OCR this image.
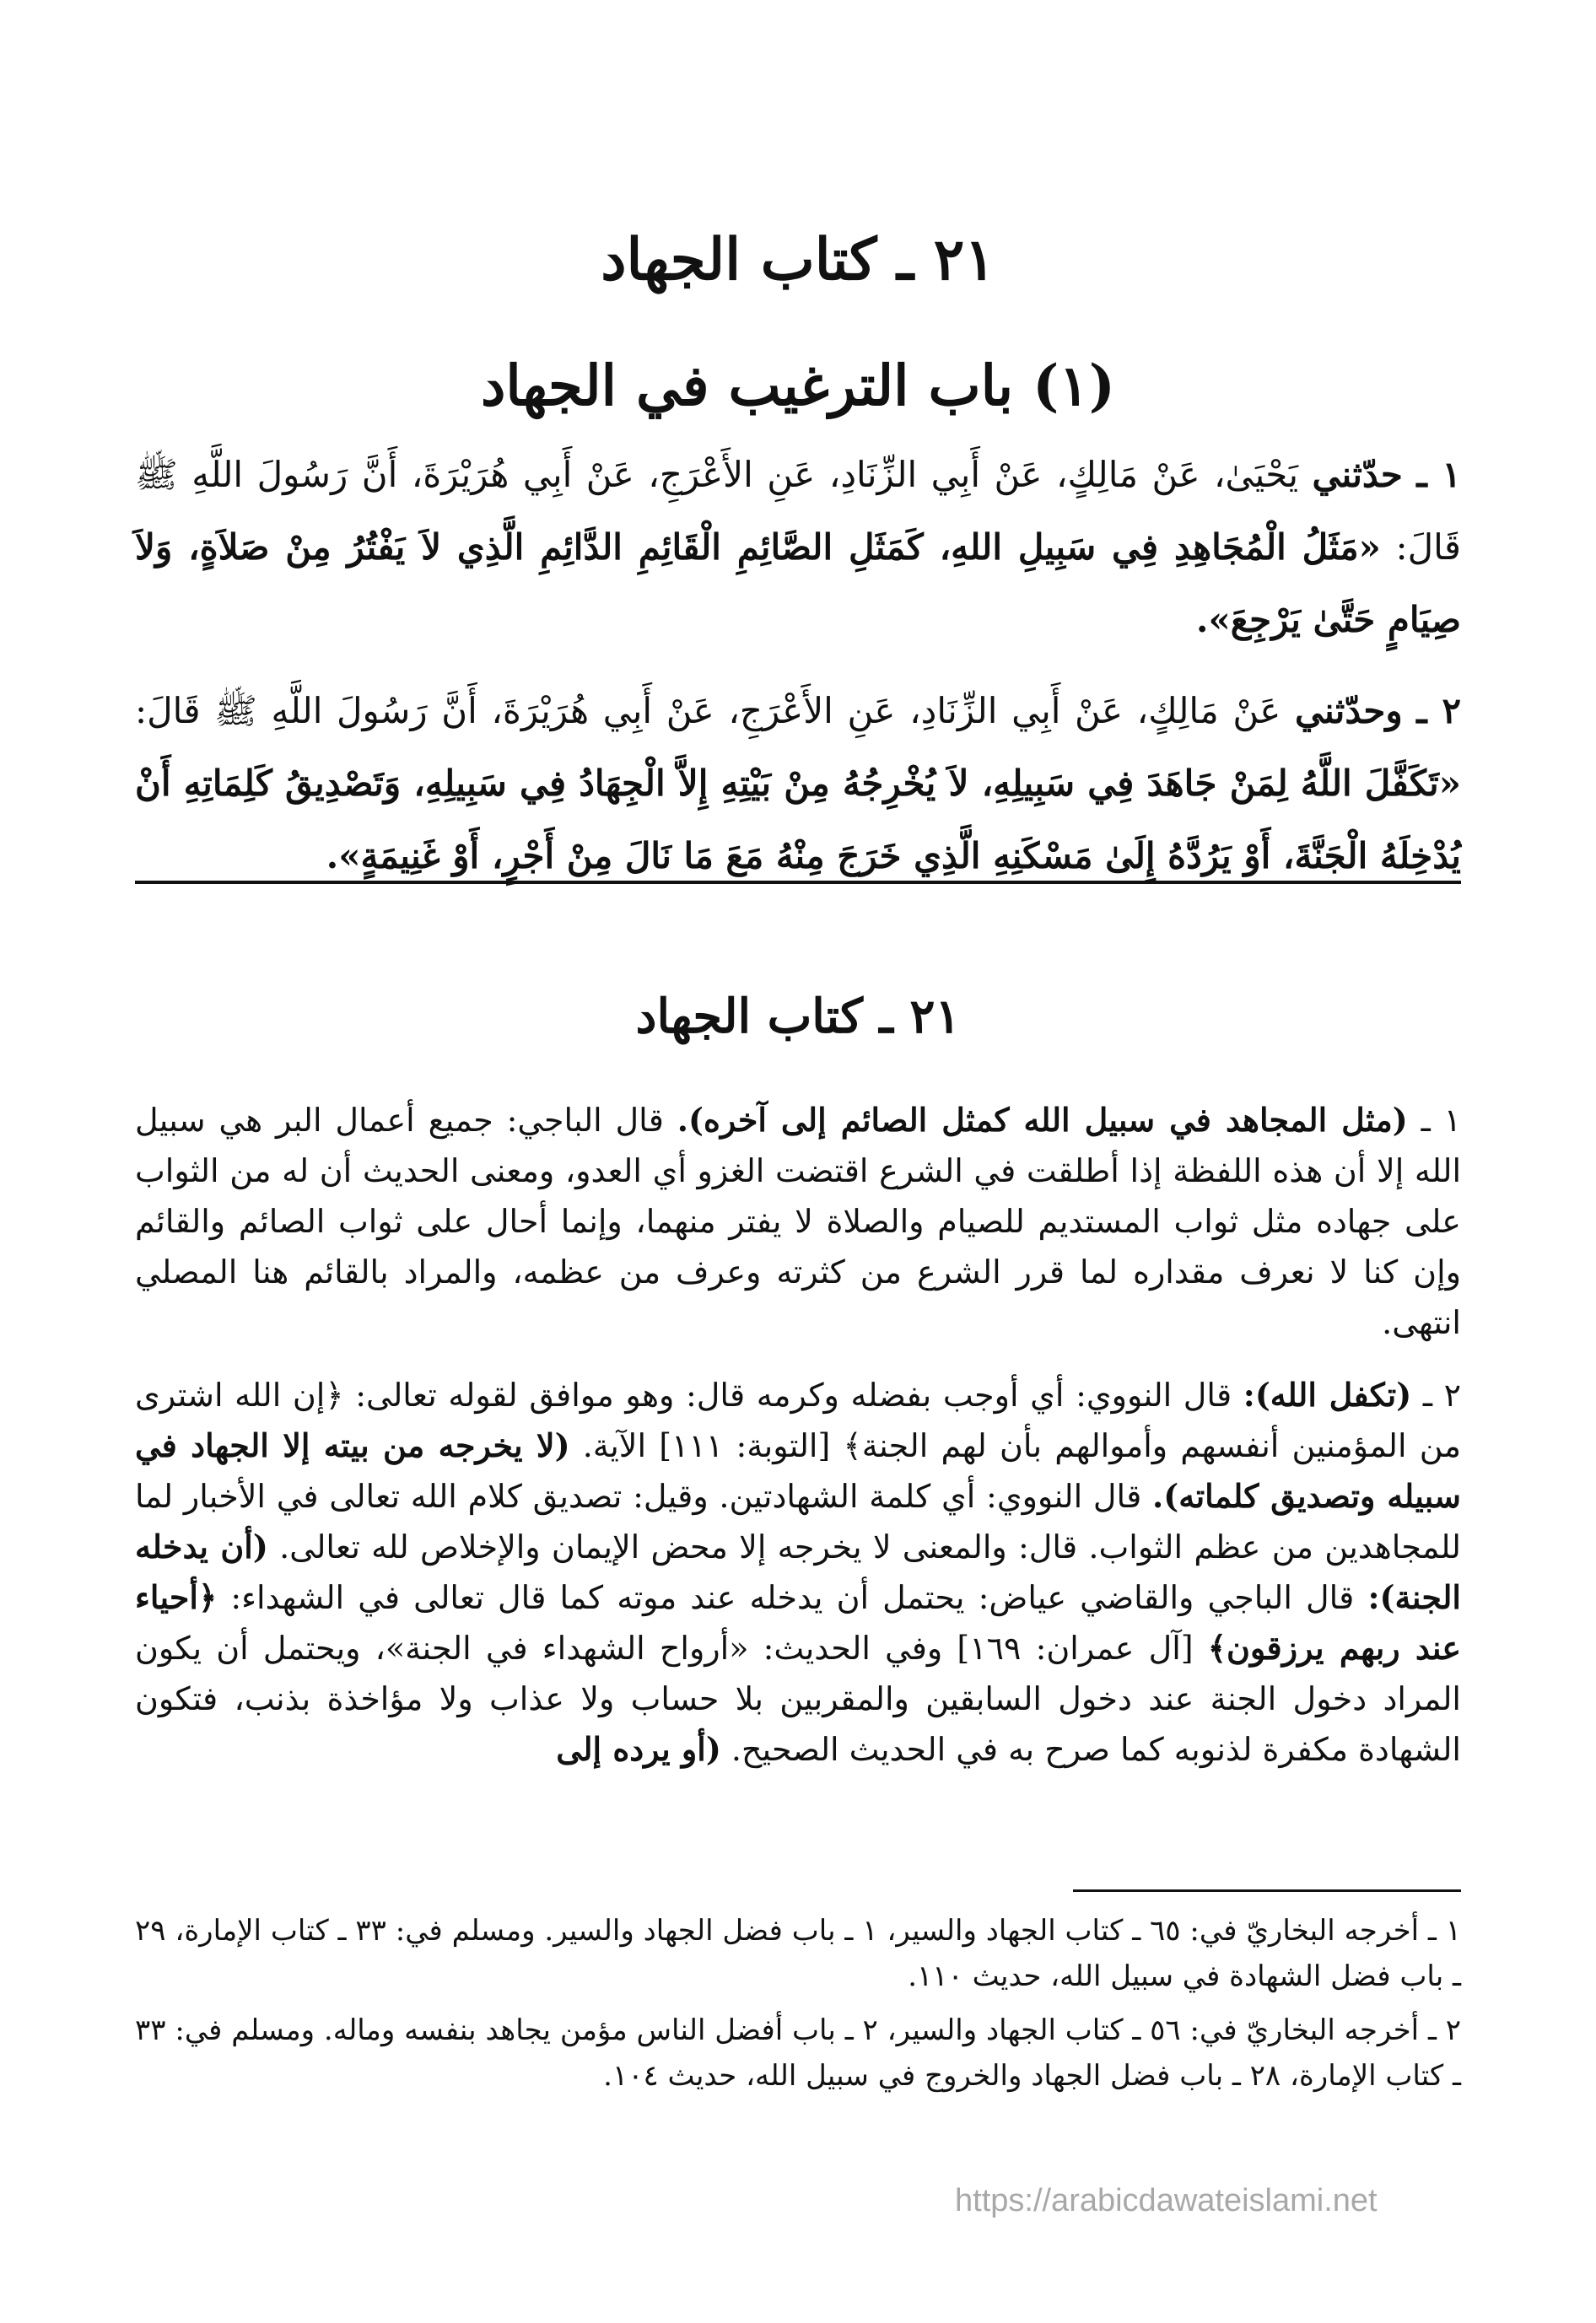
٢١ ـ كتاب الجهاد
(١) باب الترغيب في الجهاد

١ ـ حدّثني يَحْيَىٰ، عَنْ مَالِكٍ، عَنْ أَبِي الزِّنَادِ، عَنِ الأَعْرَجِ، عَنْ أَبِي هُرَيْرَةَ، أَنَّ رَسُولَ اللَّهِ ﷺ قَالَ: «مَثَلُ الْمُجَاهِدِ فِي سَبِيلِ اللهِ، كَمَثَلِ الصَّائِمِ الْقَائِمِ الدَّائِمِ الَّذِي لاَ يَفْتُرُ مِنْ صَلاَةٍ، وَلاَ صِيَامٍ حَتَّىٰ يَرْجِعَ».

٢ ـ وحدّثني عَنْ مَالِكٍ، عَنْ أَبِي الزِّنَادِ، عَنِ الأَعْرَجِ، عَنْ أَبِي هُرَيْرَةَ، أَنَّ رَسُولَ اللَّهِ ﷺ قَالَ: «تَكَفَّلَ اللَّهُ لِمَنْ جَاهَدَ فِي سَبِيلِهِ، لاَ يُخْرِجُهُ مِنْ بَيْتِهِ إِلاَّ الْجِهَادُ فِي سَبِيلِهِ، وَتَصْدِيقُ كَلِمَاتِهِ أَنْ يُدْخِلَهُ الْجَنَّةَ، أَوْ يَرُدَّهُ إِلَىٰ مَسْكَنِهِ الَّذِي خَرَجَ مِنْهُ مَعَ مَا نَالَ مِنْ أَجْرٍ، أَوْ غَنِيمَةٍ».

٢١ ـ كتاب الجهاد

١ ـ (مثل المجاهد في سبيل الله كمثل الصائم إلى آخره). قال الباجي: جميع أعمال البر هي سبيل الله إلا أن هذه اللفظة إذا أطلقت في الشرع اقتضت الغزو أي العدو، ومعنى الحديث أن له من الثواب على جهاده مثل ثواب المستديم للصيام والصلاة لا يفتر منهما، وإنما أحال على ثواب الصائم والقائم وإن كنا لا نعرف مقداره لما قرر الشرع من كثرته وعرف من عظمه، والمراد بالقائم هنا المصلي انتهى.

٢ ـ (تكفل الله): قال النووي: أي أوجب بفضله وكرمه قال: وهو موافق لقوله تعالى: ﴿إن الله اشترى من المؤمنين أنفسهم وأموالهم بأن لهم الجنة﴾ [التوبة: ١١١] الآية. (لا يخرجه من بيته إلا الجهاد في سبيله وتصديق كلماته). قال النووي: أي كلمة الشهادتين. وقيل: تصديق كلام الله تعالى في الأخبار لما للمجاهدين من عظم الثواب. قال: والمعنى لا يخرجه إلا محض الإيمان والإخلاص لله تعالى. (أن يدخله الجنة): قال الباجي والقاضي عياض: يحتمل أن يدخله عند موته كما قال تعالى في الشهداء: ﴿أحياء عند ربهم يرزقون﴾ [آل عمران: ١٦٩] وفي الحديث: «أرواح الشهداء في الجنة»، ويحتمل أن يكون المراد دخول الجنة عند دخول السابقين والمقربين بلا حساب ولا عذاب ولا مؤاخذة بذنب، فتكون الشهادة مكفرة لذنوبه كما صرح به في الحديث الصحيح. (أو يرده إلى

١ ـ أخرجه البخاريّ في: ٦٥ ـ كتاب الجهاد والسير، ١ ـ باب فضل الجهاد والسير. ومسلم في: ٣٣ ـ كتاب الإمارة، ٢٩ ـ باب فضل الشهادة في سبيل الله، حديث ١١٠.

٢ ـ أخرجه البخاريّ في: ٥٦ ـ كتاب الجهاد والسير، ٢ ـ باب أفضل الناس مؤمن يجاهد بنفسه وماله. ومسلم في: ٣٣ ـ كتاب الإمارة، ٢٨ ـ باب فضل الجهاد والخروج في سبيل الله، حديث ١٠٤.

https://arabicdawateislami.net
